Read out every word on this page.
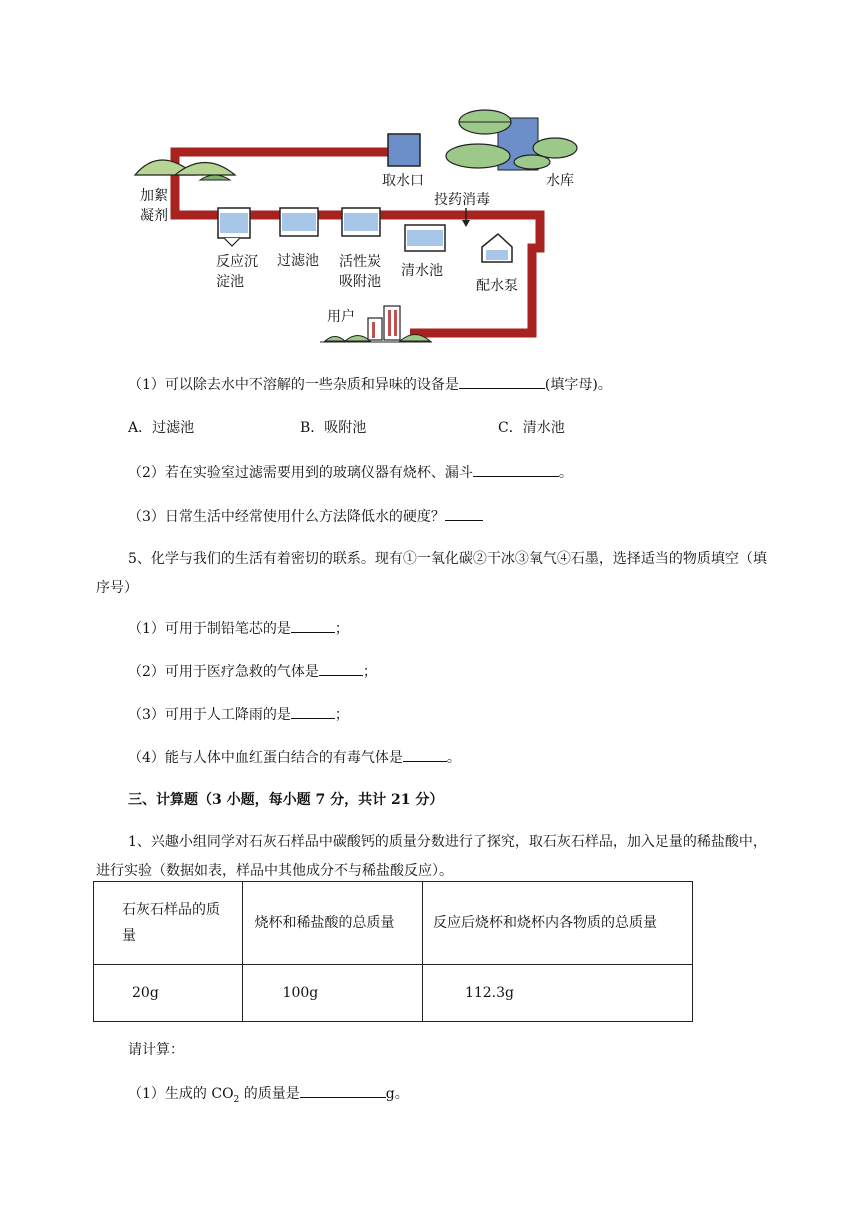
取水口	水库
投药消毒
加絮
凝剂
反应沉
淀池
过滤池 活性炭
吸附池
清水池
配水泵
用户
（1）可以除去水中不溶解的一些杂质和异味的设备是	(填字母)。
A．过滤池	B．吸附池	C．清水池
（2）若在实验室过滤需要用到的玻璃仪器有烧杯、漏斗	。
（3）日常生活中经常使用什么方法降低水的硬度？
5、化学与我们的生活有着密切的联系。现有①一氧化碳②干冰③氧气④石墨，选择适当的物质填空（填序号）
（1）可用于制铅笔芯的是	；
（2）可用于医疗急救的气体是	；
（3）可用于人工降雨的是	；
（4）能与人体中血红蛋白结合的有毒气体是	。
三、计算题（3 小题，每小题 7 分，共计 21 分）
1、兴趣小组同学对石灰石样品中碳酸钙的质量分数进行了探究，取石灰石样品，加入足量的稀盐酸中，进行实验（数据如表，样品中其他成分不与稀盐酸反应）。
石灰石样品的质量	烧杯和稀盐酸的总质量	反应后烧杯和烧杯内各物质的总质量

20g	100g	112.3g
请计算：
（1）生成的 $CO_2$ 的质量是	g。
